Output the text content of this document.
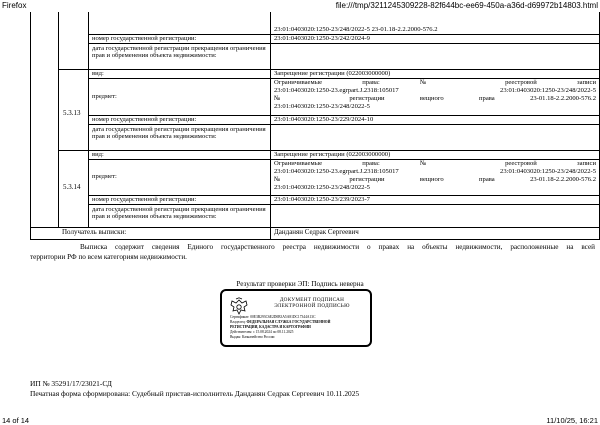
Firefox	file:///tmp/3211245309228-82f644bc-ee69-450a-a36d-d69972b14803.html
23:01:0403020:1250-23/248/2022-5 23-01.18-2.2.2000-576.2
номер государственной регистрации:	23:01:0403020:1250-23/242/2024-9
дата государственной регистрации прекращения ограничения прав и обременения объекта недвижимости:
5.3.13
вид:	Запрещение регистрации (022003000000)
предмет:
Ограничиваемые права: № реестровой записи
23:01:0403020:1250-23.egrpart.J.2318:105017 23:01:0403020:1250-23/248/2022-5
№ регистрации вещного права 23-01.18-2.2.2000-576.2
23:01:0403020:1250-23/248/2022-5
номер государственной регистрации:	23:01:0403020:1250-23/229/2024-10
дата государственной регистрации прекращения ограничения прав и обременения объекта недвижимости:
5.3.14
вид:	Запрещение регистрации (022003000000)
предмет:
Ограничиваемые права: № реестровой записи
23:01:0403020:1250-23.egrpart.J.2318:105017 23:01:0403020:1250-23/248/2022-5
№ регистрации вещного права 23-01.18-2.2.2000-576.2
23:01:0403020:1250-23/248/2022-5
номер государственной регистрации:	23:01:0403020:1250-23/239/2023-7
дата государственной регистрации прекращения ограничения прав и обременения объекта недвижимости:
Получатель выписки:	Данданян Седрак Сергеевич
Выписка содержит сведения Единого государственного реестра недвижимости о правах на объекты недвижимости, расположенные на всей
территории РФ по всем категориям недвижимости.
Результат проверки ЭП: Подпись неверна
ДОКУМЕНТ ПОДПИСАН
ЭЛЕКТРОННОЙ ПОДПИСЬЮ
Сертификат: 00E3B293C6E2D0B3A5A81DC17344A13C
Владелец: ФЕДЕРАЛЬНАЯ СЛУЖБА ГОСУДАРСТВЕННОЙ
РЕГИСТРАЦИИ, КАДАСТРА И КАРТОГРАФИИ
Действителен: с 15.08.2024 по 08.11.2025
Выдан: Казначейство России
ИП № 35291/17/23021-СД
Печатная форма сформирована: Судебный пристав-исполнитель Данданян Седрак Сергеевич 10.11.2025
14 of 14	11/10/25, 16:21
